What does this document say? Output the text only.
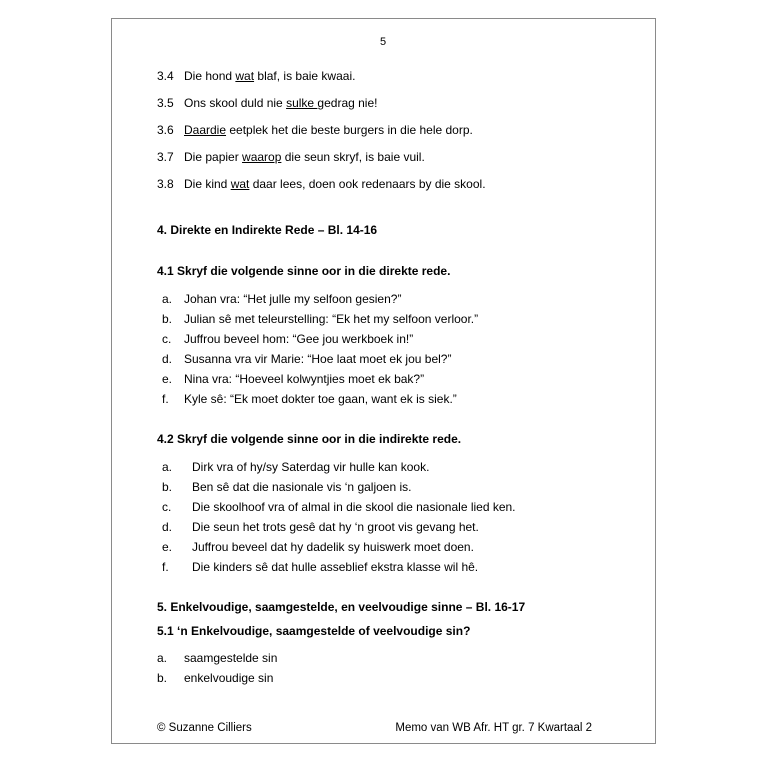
5
3.4 Die hond wat blaf, is baie kwaai.
3.5 Ons skool duld nie sulke gedrag nie!
3.6 Daardie eetplek het die beste burgers in die hele dorp.
3.7 Die papier waarop die seun skryf, is baie vuil.
3.8 Die kind wat daar lees, doen ook redenaars by die skool.
4. Direkte en Indirekte Rede – Bl. 14-16
4.1 Skryf die volgende sinne oor in die direkte rede.
a. Johan vra: “Het julle my selfoon gesien?”
b. Julian sê met teleurstelling: “Ek het my selfoon verloor.”
c. Juffrou beveel hom: “Gee jou werkboek in!”
d. Susanna vra vir Marie: “Hoe laat moet ek jou bel?”
e. Nina vra: “Hoeveel kolwyntjies moet ek bak?”
f. Kyle sê: “Ek moet dokter toe gaan, want ek is siek.”
4.2 Skryf die volgende sinne oor in die indirekte rede.
a. Dirk vra of hy/sy Saterdag vir hulle kan kook.
b. Ben sê dat die nasionale vis ‘n galjoen is.
c. Die skoolhoof vra of almal in die skool die nasionale lied ken.
d. Die seun het trots gesê dat hy ‘n groot vis gevang het.
e. Juffrou beveel dat hy dadelik sy huiswerk moet doen.
f. Die kinders sê dat hulle asseblief ekstra klasse wil hê.
5. Enkelvoudige, saamgestelde, en veelvoudige sinne – Bl. 16-17
5.1 ‘n Enkelvoudige, saamgestelde of veelvoudige sin?
a. saamgestelde sin
b. enkelvoudige sin
© Suzanne Cilliers	Memo van WB Afr. HT gr. 7 Kwartaal 2
